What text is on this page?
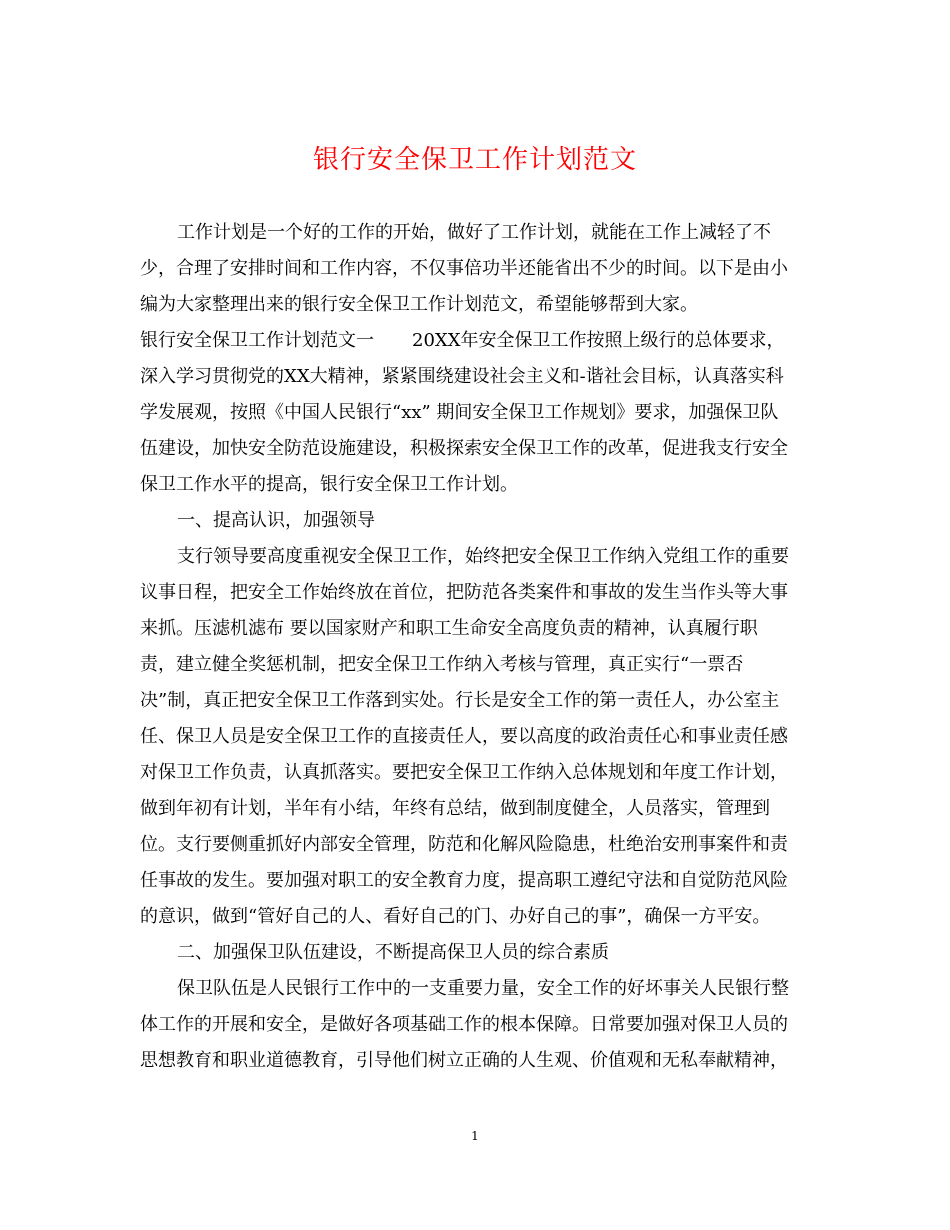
银行安全保卫工作计划范文
工作计划是一个好的工作的开始，做好了工作计划，就能在工作上减轻了不
少，合理了安排时间和工作内容，不仅事倍功半还能省出不少的时间。以下是由小
编为大家整理出来的银行安全保卫工作计划范文，希望能够帮到大家。
银行安全保卫工作计划范文一 20XX年安全保卫工作按照上级行的总体要求，
深入学习贯彻党的XX大精神，紧紧围绕建设社会主义和-谐社会目标，认真落实科
学发展观，按照《中国人民银行“xx” 期间安全保卫工作规划》要求，加强保卫队
伍建设，加快安全防范设施建设，积极探索安全保卫工作的改革，促进我支行安全
保卫工作水平的提高，银行安全保卫工作计划。
一、提高认识，加强领导
支行领导要高度重视安全保卫工作，始终把安全保卫工作纳入党组工作的重要
议事日程，把安全工作始终放在首位，把防范各类案件和事故的发生当作头等大事
来抓。压滤机滤布 要以国家财产和职工生命安全高度负责的精神，认真履行职
责，建立健全奖惩机制，把安全保卫工作纳入考核与管理，真正实行“一票否
决”制，真正把安全保卫工作落到实处。行长是安全工作的第一责任人，办公室主
任、保卫人员是安全保卫工作的直接责任人，要以高度的政治责任心和事业责任感
对保卫工作负责，认真抓落实。要把安全保卫工作纳入总体规划和年度工作计划，
做到年初有计划，半年有小结，年终有总结，做到制度健全，人员落实，管理到
位。支行要侧重抓好内部安全管理，防范和化解风险隐患，杜绝治安刑事案件和责
任事故的发生。要加强对职工的安全教育力度，提高职工遵纪守法和自觉防范风险
的意识，做到“管好自己的人、看好自己的门、办好自己的事”，确保一方平安。
二、加强保卫队伍建设，不断提高保卫人员的综合素质
保卫队伍是人民银行工作中的一支重要力量，安全工作的好坏事关人民银行整
体工作的开展和安全，是做好各项基础工作的根本保障。日常要加强对保卫人员的
思想教育和职业道德教育，引导他们树立正确的人生观、价值观和无私奉献精神，
1
